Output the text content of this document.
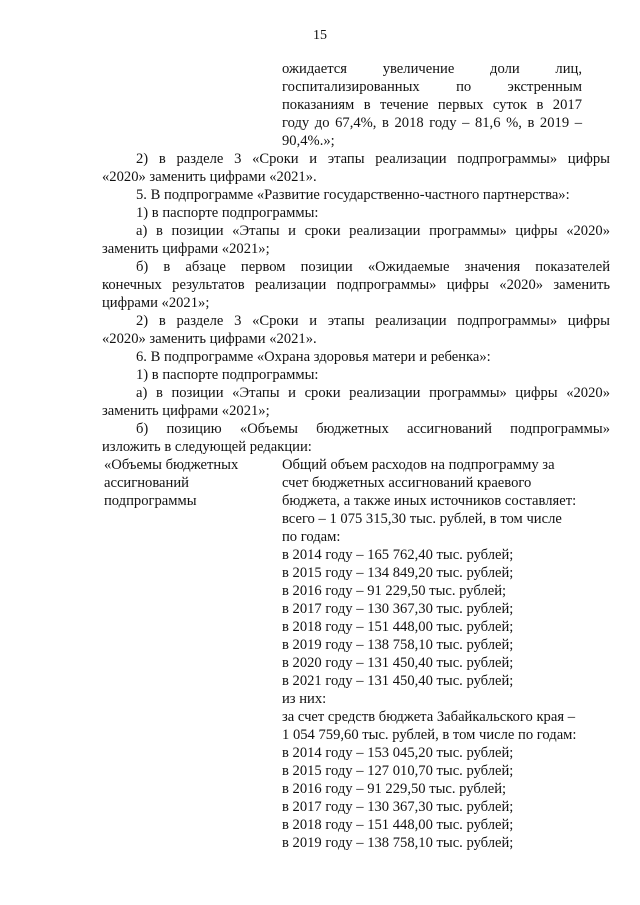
15
ожидается увеличение доли лиц,
госпитализированных по экстренным
показаниям в течение первых суток в 2017
году до 67,4%, в 2018 году – 81,6 %, в 2019 –
90,4%.»;
2) в разделе 3 «Сроки и этапы реализации подпрограммы» цифры
«2020» заменить цифрами «2021».
5. В подпрограмме «Развитие государственно-частного партнерства»:
1) в паспорте подпрограммы:
а) в позиции «Этапы и сроки реализации программы» цифры «2020»
заменить цифрами «2021»;
б) в абзаце первом позиции «Ожидаемые значения показателей
конечных результатов реализации подпрограммы» цифры «2020» заменить
цифрами «2021»;
2) в разделе 3 «Сроки и этапы реализации подпрограммы» цифры
«2020» заменить цифрами «2021».
6. В подпрограмме «Охрана здоровья матери и ребенка»:
1) в паспорте подпрограммы:
а) в позиции «Этапы и сроки реализации программы» цифры «2020»
заменить цифрами «2021»;
б) позицию «Объемы бюджетных ассигнований подпрограммы»
изложить в следующей редакции:
«Объемы бюджетных
ассигнований
подпрограммы
Общий объем расходов на подпрограмму за
счет бюджетных ассигнований краевого
бюджета, а также иных источников составляет:
всего – 1 075 315,30 тыс. рублей, в том числе
по годам:
в 2014 году – 165 762,40 тыс. рублей;
в 2015 году – 134 849,20 тыс. рублей;
в 2016 году – 91 229,50 тыс. рублей;
в 2017 году – 130 367,30 тыс. рублей;
в 2018 году – 151 448,00 тыс. рублей;
в 2019 году – 138 758,10 тыс. рублей;
в 2020 году – 131 450,40 тыс. рублей;
в 2021 году – 131 450,40 тыс. рублей;
из них:
за счет средств бюджета Забайкальского края –
1 054 759,60 тыс. рублей, в том числе по годам:
в 2014 году – 153 045,20 тыс. рублей;
в 2015 году – 127 010,70 тыс. рублей;
в 2016 году – 91 229,50 тыс. рублей;
в 2017 году – 130 367,30 тыс. рублей;
в 2018 году – 151 448,00 тыс. рублей;
в 2019 году – 138 758,10 тыс. рублей;
